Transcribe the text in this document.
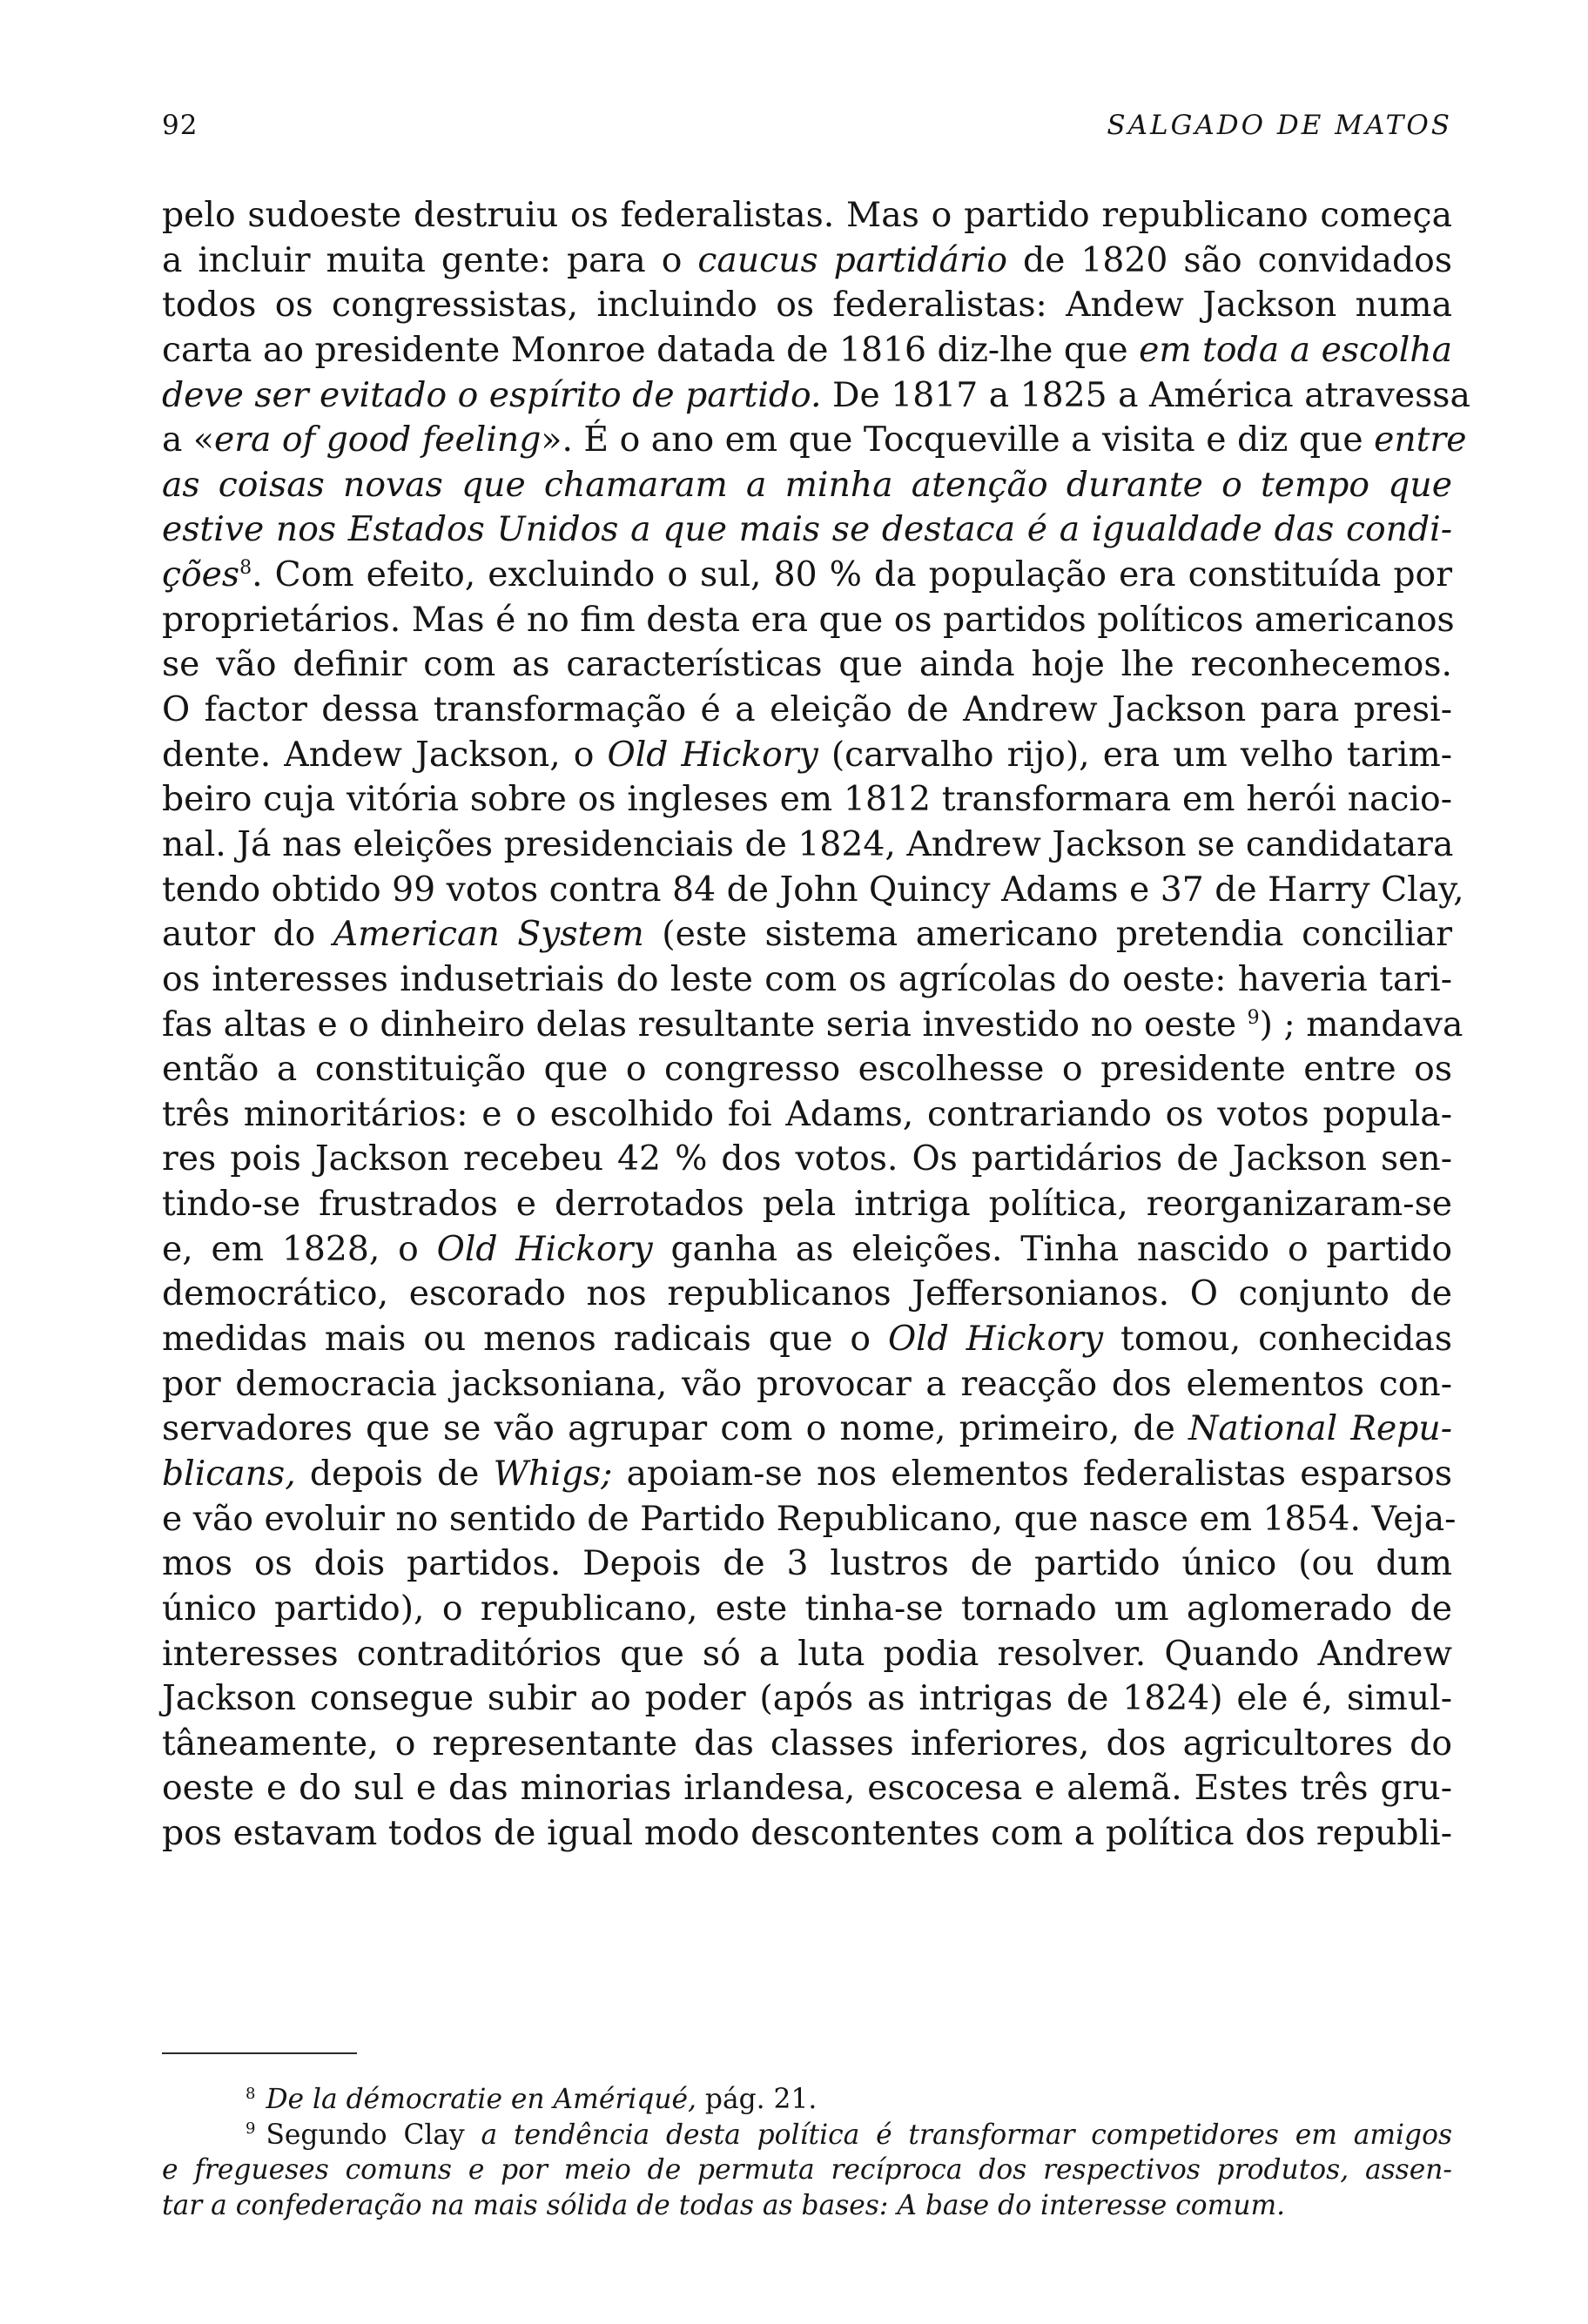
92	SALGADO DE MATOS
pelo sudoeste destruiu os federalistas. Mas o partido republicano começa
a incluir muita gente: para o caucus partidário de 1820 são convidados
todos os congressistas, incluindo os federalistas: Andew Jackson numa
carta ao presidente Monroe datada de 1816 diz-lhe que em toda a escolha
deve ser evitado o espírito de partido. De 1817 a 1825 a América atravessa
a «era of good feeling». É o ano em que Tocqueville a visita e diz que entre
as coisas novas que chamaram a minha atenção durante o tempo que
estive nos Estados Unidos a que mais se destaca é a igualdade das condi-
ções$^8$. Com efeito, excluindo o sul, 80 % da população era constituída por
proprietários. Mas é no fim desta era que os partidos políticos americanos
se vão definir com as características que ainda hoje lhe reconhecemos.
O factor dessa transformação é a eleição de Andrew Jackson para presi-
dente. Andew Jackson, o Old Hickory (carvalho rijo), era um velho tarim-
beiro cuja vitória sobre os ingleses em 1812 transformara em herói nacio-
nal. Já nas eleições presidenciais de 1824, Andrew Jackson se candidatara
tendo obtido 99 votos contra 84 de John Quincy Adams e 37 de Harry Clay,
autor do American System (este sistema americano pretendia conciliar
os interesses indusetriais do leste com os agrícolas do oeste: haveria tari-
fas altas e o dinheiro delas resultante seria investido no oeste $^9$) ; mandava
então a constituição que o congresso escolhesse o presidente entre os
três minoritários: e o escolhido foi Adams, contrariando os votos popula-
res pois Jackson recebeu 42 % dos votos. Os partidários de Jackson sen-
tindo-se frustrados e derrotados pela intriga política, reorganizaram-se
e, em 1828, o Old Hickory ganha as eleições. Tinha nascido o partido
democrático, escorado nos republicanos Jeffersonianos. O conjunto de
medidas mais ou menos radicais que o Old Hickory tomou, conhecidas
por democracia jacksoniana, vão provocar a reacção dos elementos con-
servadores que se vão agrupar com o nome, primeiro, de National Repu-
blicans, depois de Whigs; apoiam-se nos elementos federalistas esparsos
e vão evoluir no sentido de Partido Republicano, que nasce em 1854. Veja-
mos os dois partidos. Depois de 3 lustros de partido único (ou dum
único partido), o republicano, este tinha-se tornado um aglomerado de
interesses contraditórios que só a luta podia resolver. Quando Andrew
Jackson consegue subir ao poder (após as intrigas de 1824) ele é, simul-
tâneamente, o representante das classes inferiores, dos agricultores do
oeste e do sul e das minorias irlandesa, escocesa e alemã. Estes três gru-
pos estavam todos de igual modo descontentes com a política dos republi-
$^8$ De la démocratie en Amériqué, pág. 21.
$^9$ Segundo Clay a tendência desta política é transformar competidores em amigos
e fregueses comuns e por meio de permuta recíproca dos respectivos produtos, assen-
tar a confederação na mais sólida de todas as bases: A base do interesse comum.
